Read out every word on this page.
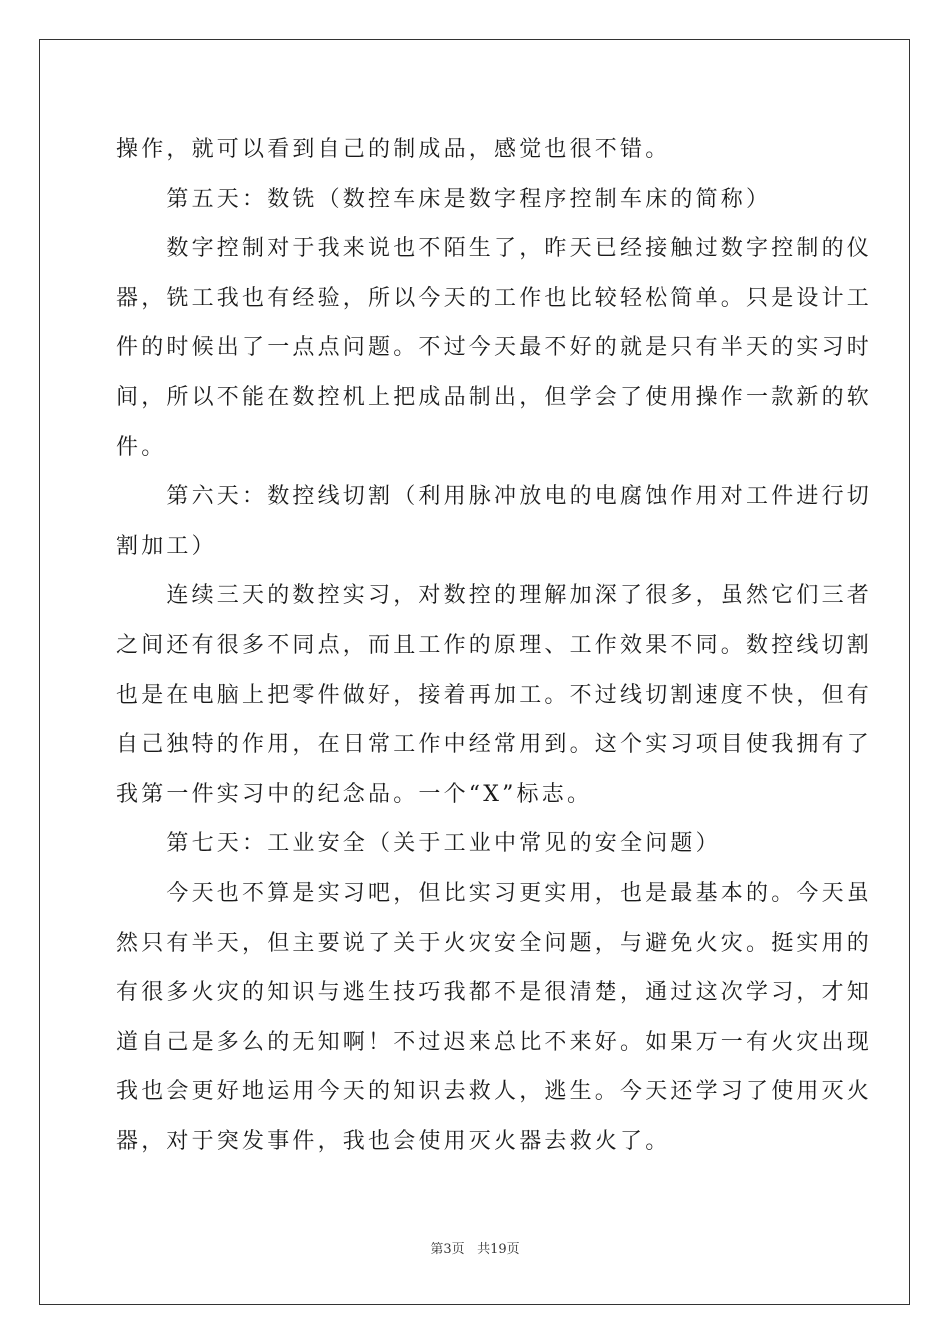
操作，就可以看到自己的制成品，感觉也很不错。
　　第五天：数铣（数控车床是数字程序控制车床的简称）
　　数字控制对于我来说也不陌生了，昨天已经接触过数字控制的仪
器，铣工我也有经验，所以今天的工作也比较轻松简单。只是设计工
件的时候出了一点点问题。不过今天最不好的就是只有半天的实习时
间，所以不能在数控机上把成品制出，但学会了使用操作一款新的软
件。
　　第六天：数控线切割（利用脉冲放电的电腐蚀作用对工件进行切
割加工）
　　连续三天的数控实习，对数控的理解加深了很多，虽然它们三者
之间还有很多不同点，而且工作的原理、工作效果不同。数控线切割
也是在电脑上把零件做好，接着再加工。不过线切割速度不快，但有
自己独特的作用，在日常工作中经常用到。这个实习项目使我拥有了
我第一件实习中的纪念品。一个“X”标志。
　　第七天：工业安全（关于工业中常见的安全问题）
　　今天也不算是实习吧，但比实习更实用，也是最基本的。今天虽
然只有半天，但主要说了关于火灾安全问题，与避免火灾。挺实用的
有很多火灾的知识与逃生技巧我都不是很清楚，通过这次学习，才知
道自己是多么的无知啊！不过迟来总比不来好。如果万一有火灾出现
我也会更好地运用今天的知识去救人，逃生。今天还学习了使用灭火
器，对于突发事件，我也会使用灭火器去救火了。
第3页 共19页
